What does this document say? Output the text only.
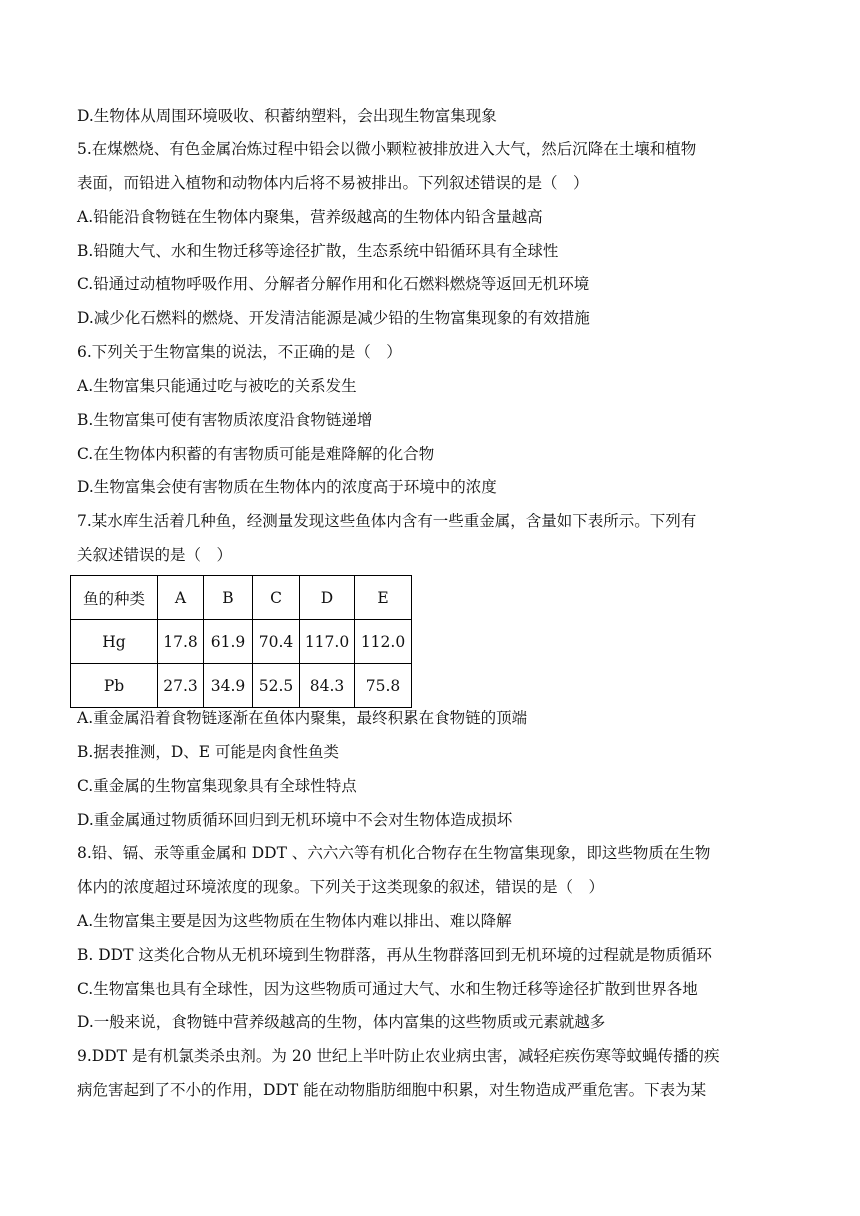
D.生物体从周围环境吸收、积蓄纳塑料，会出现生物富集现象
5.在煤燃烧、有色金属冶炼过程中铅会以微小颗粒被排放进入大气，然后沉降在土壤和植物
表面，而铅进入植物和动物体内后将不易被排出。下列叙述错误的是（　）
A.铅能沿食物链在生物体内聚集，营养级越高的生物体内铅含量越高
B.铅随大气、水和生物迁移等途径扩散，生态系统中铅循环具有全球性
C.铅通过动植物呼吸作用、分解者分解作用和化石燃料燃烧等返回无机环境
D.减少化石燃料的燃烧、开发清洁能源是减少铅的生物富集现象的有效措施
6.下列关于生物富集的说法，不正确的是（　）
A.生物富集只能通过吃与被吃的关系发生
B.生物富集可使有害物质浓度沿食物链递增
C.在生物体内积蓄的有害物质可能是难降解的化合物
D.生物富集会使有害物质在生物体内的浓度高于环境中的浓度
7.某水库生活着几种鱼，经测量发现这些鱼体内含有一些重金属，含量如下表所示。下列有
关叙述错误的是（　）
鱼的种类	A	B	C	D	E
Hg	17.8	61.9	70.4	117.0	112.0
Pb	27.3	34.9	52.5	84.3	75.8
A.重金属沿着食物链逐渐在鱼体内聚集，最终积累在食物链的顶端
B.据表推测，D、E 可能是肉食性鱼类
C.重金属的生物富集现象具有全球性特点
D.重金属通过物质循环回归到无机环境中不会对生物体造成损坏
8.铅、镉、汞等重金属和 DDT 、六六六等有机化合物存在生物富集现象，即这些物质在生物
体内的浓度超过环境浓度的现象。下列关于这类现象的叙述，错误的是（　）
A.生物富集主要是因为这些物质在生物体内难以排出、难以降解
B. DDT 这类化合物从无机环境到生物群落，再从生物群落回到无机环境的过程就是物质循环
C.生物富集也具有全球性，因为这些物质可通过大气、水和生物迁移等途径扩散到世界各地
D.一般来说，食物链中营养级越高的生物，体内富集的这些物质或元素就越多
9.DDT 是有机氯类杀虫剂。为 20 世纪上半叶防止农业病虫害，减轻疟疾伤寒等蚊蝇传播的疾
病危害起到了不小的作用，DDT 能在动物脂肪细胞中积累，对生物造成严重危害。下表为某
